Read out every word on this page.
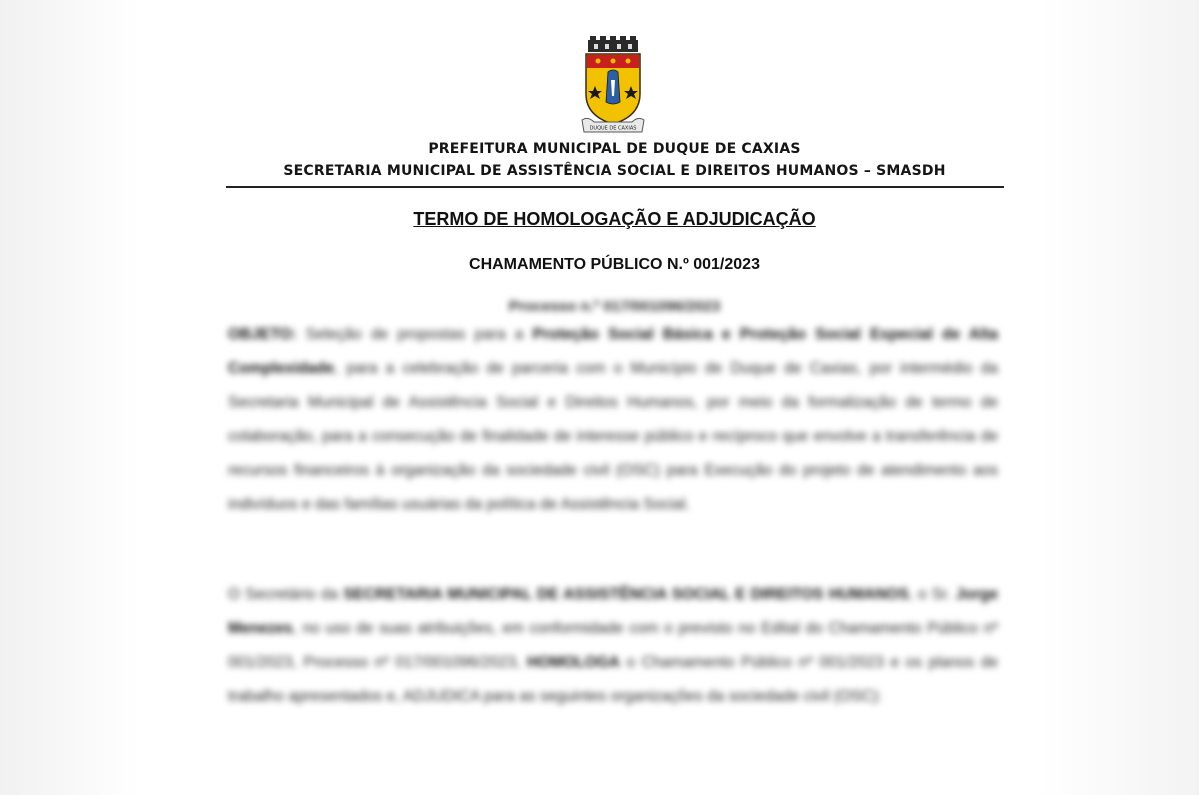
DUQUE DE CAXIAS
PREFEITURA MUNICIPAL DE DUQUE DE CAXIAS
SECRETARIA MUNICIPAL DE ASSISTÊNCIA SOCIAL E DIREITOS HUMANOS – SMASDH
TERMO DE HOMOLOGAÇÃO E ADJUDICAÇÃO
CHAMAMENTO PÚBLICO N.º 001/2023
Processo n.º 017/001096/2023
OBJETO: Seleção de propostas para a Proteção Social Básica e Proteção Social Especial de Alta Complexidade, para a celebração de parceria com o Município de Duque de Caxias, por intermédio da Secretaria Municipal de Assistência Social e Direitos Humanos, por meio da formalização de termo de colaboração, para a consecução de finalidade de interesse público e recíproco que envolve a transferência de recursos financeiros à organização da sociedade civil (OSC) para Execução do projeto de atendimento aos indivíduos e das famílias usuárias da política de Assistência Social.
O Secretário da SECRETARIA MUNICIPAL DE ASSISTÊNCIA SOCIAL E DIREITOS HUMANOS, o Sr. Jorge Menezes, no uso de suas atribuições, em conformidade com o previsto no Edital do Chamamento Público nº 001/2023, Processo nº 017/001096/2023, HOMOLOGA o Chamamento Público nº 001/2023 e os planos de trabalho apresentados e, ADJUDICA para as seguintes organizações da sociedade civil (OSC):
